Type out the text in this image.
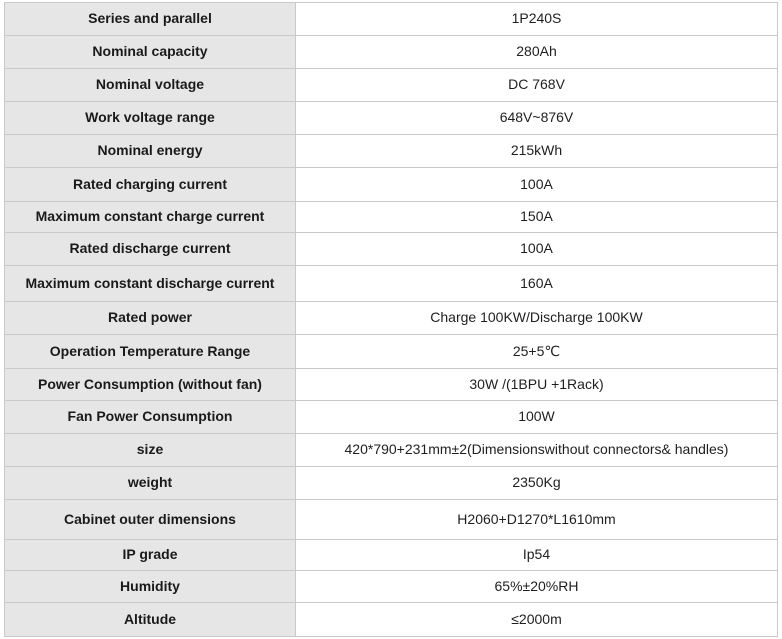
Series and parallel	1P240S
Nominal capacity	280Ah
Nominal voltage	DC 768V
Work voltage range	648V~876V
Nominal energy	215kWh
Rated charging current	100A
Maximum constant charge current	150A
Rated discharge current	100A
Maximum constant discharge current	160A
Rated power	Charge 100KW/Discharge 100KW
Operation Temperature Range	25+5℃
Power Consumption (without fan)	30W /(1BPU +1Rack)
Fan Power Consumption	100W
size	420*790+231mm±2(Dimensionswithout connectors& handles)
weight	2350Kg
Cabinet outer dimensions	H2060+D1270*L1610mm
IP grade	Ip54
Humidity	65%±20%RH
Altitude	≤2000m
